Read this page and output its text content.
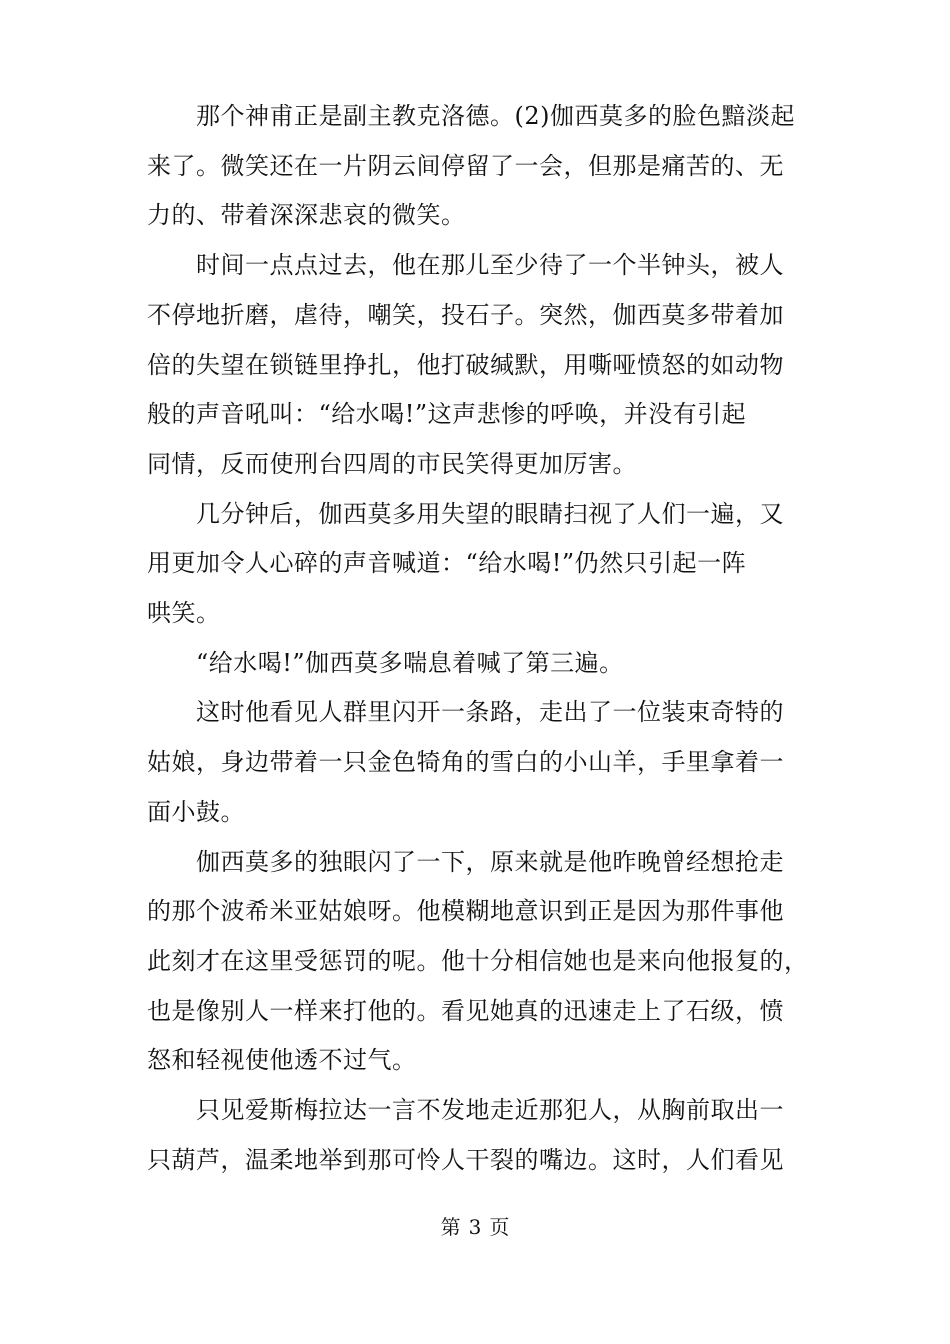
　　那个神甫正是副主教克洛德。(2)伽西莫多的脸色黯淡起
来了。微笑还在一片阴云间停留了一会，但那是痛苦的、无
力的、带着深深悲哀的微笑。
　　时间一点点过去，他在那儿至少待了一个半钟头，被人
不停地折磨，虐待，嘲笑，投石子。突然，伽西莫多带着加
倍的失望在锁链里挣扎，他打破缄默，用嘶哑愤怒的如动物
般的声音吼叫：“给水喝!”这声悲惨的呼唤，并没有引起
同情，反而使刑台四周的市民笑得更加厉害。
　　几分钟后，伽西莫多用失望的眼睛扫视了人们一遍，又
用更加令人心碎的声音喊道：“给水喝!”仍然只引起一阵
哄笑。
　　“给水喝!”伽西莫多喘息着喊了第三遍。
　　这时他看见人群里闪开一条路，走出了一位装束奇特的
姑娘，身边带着一只金色犄角的雪白的小山羊，手里拿着一
面小鼓。
　　伽西莫多的独眼闪了一下，原来就是他昨晚曾经想抢走
的那个波希米亚姑娘呀。他模糊地意识到正是因为那件事他
此刻才在这里受惩罚的呢。他十分相信她也是来向他报复的，
也是像别人一样来打他的。看见她真的迅速走上了石级，愤
怒和轻视使他透不过气。
　　只见爱斯梅拉达一言不发地走近那犯人，从胸前取出一
只葫芦，温柔地举到那可怜人干裂的嘴边。这时，人们看见
第 3 页
